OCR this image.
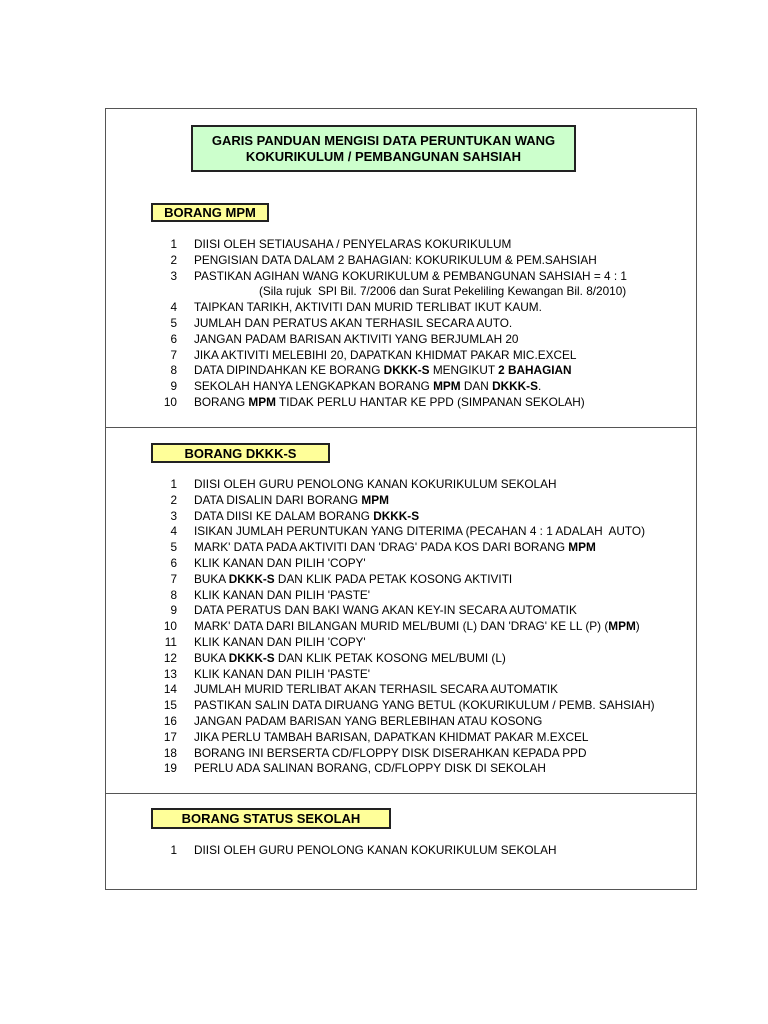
GARIS PANDUAN MENGISI DATA PERUNTUKAN WANG
KOKURIKULUM / PEMBANGUNAN SAHSIAH
BORANG MPM
1 DIISI OLEH SETIAUSAHA / PENYELARAS KOKURIKULUM
2 PENGISIAN DATA DALAM 2 BAHAGIAN: KOKURIKULUM & PEM.SAHSIAH
3 PASTIKAN AGIHAN WANG KOKURIKULUM & PEMBANGUNAN SAHSIAH = 4 : 1
(Sila rujuk  SPI Bil. 7/2006 dan Surat Pekeliling Kewangan Bil. 8/2010)
4 TAIPKAN TARIKH, AKTIVITI DAN MURID TERLIBAT IKUT KAUM.
5 JUMLAH DAN PERATUS AKAN TERHASIL SECARA AUTO.
6 JANGAN PADAM BARISAN AKTIVITI YANG BERJUMLAH 20
7 JIKA AKTIVITI MELEBIHI 20, DAPATKAN KHIDMAT PAKAR MIC.EXCEL
8 DATA DIPINDAHKAN KE BORANG DKKK-S MENGIKUT 2 BAHAGIAN
9 SEKOLAH HANYA LENGKAPKAN BORANG MPM DAN DKKK-S.
10 BORANG MPM TIDAK PERLU HANTAR KE PPD (SIMPANAN SEKOLAH)
BORANG DKKK-S
1 DIISI OLEH GURU PENOLONG KANAN KOKURIKULUM SEKOLAH
2 DATA DISALIN DARI BORANG MPM
3 DATA DIISI KE DALAM BORANG DKKK-S
4 ISIKAN JUMLAH PERUNTUKAN YANG DITERIMA (PECAHAN 4 : 1 ADALAH  AUTO)
5 MARK' DATA PADA AKTIVITI DAN 'DRAG' PADA KOS DARI BORANG MPM
6 KLIK KANAN DAN PILIH 'COPY'
7 BUKA DKKK-S DAN KLIK PADA PETAK KOSONG AKTIVITI
8 KLIK KANAN DAN PILIH 'PASTE'
9 DATA PERATUS DAN BAKI WANG AKAN KEY-IN SECARA AUTOMATIK
10 MARK' DATA DARI BILANGAN MURID MEL/BUMI (L) DAN 'DRAG' KE LL (P) (MPM)
11 KLIK KANAN DAN PILIH 'COPY'
12 BUKA DKKK-S DAN KLIK PETAK KOSONG MEL/BUMI (L)
13 KLIK KANAN DAN PILIH 'PASTE'
14 JUMLAH MURID TERLIBAT AKAN TERHASIL SECARA AUTOMATIK
15 PASTIKAN SALIN DATA DIRUANG YANG BETUL (KOKURIKULUM / PEMB. SAHSIAH)
16 JANGAN PADAM BARISAN YANG BERLEBIHAN ATAU KOSONG
17 JIKA PERLU TAMBAH BARISAN, DAPATKAN KHIDMAT PAKAR M.EXCEL
18 BORANG INI BERSERTA CD/FLOPPY DISK DISERAHKAN KEPADA PPD
19 PERLU ADA SALINAN BORANG, CD/FLOPPY DISK DI SEKOLAH
BORANG STATUS SEKOLAH
1 DIISI OLEH GURU PENOLONG KANAN KOKURIKULUM SEKOLAH
